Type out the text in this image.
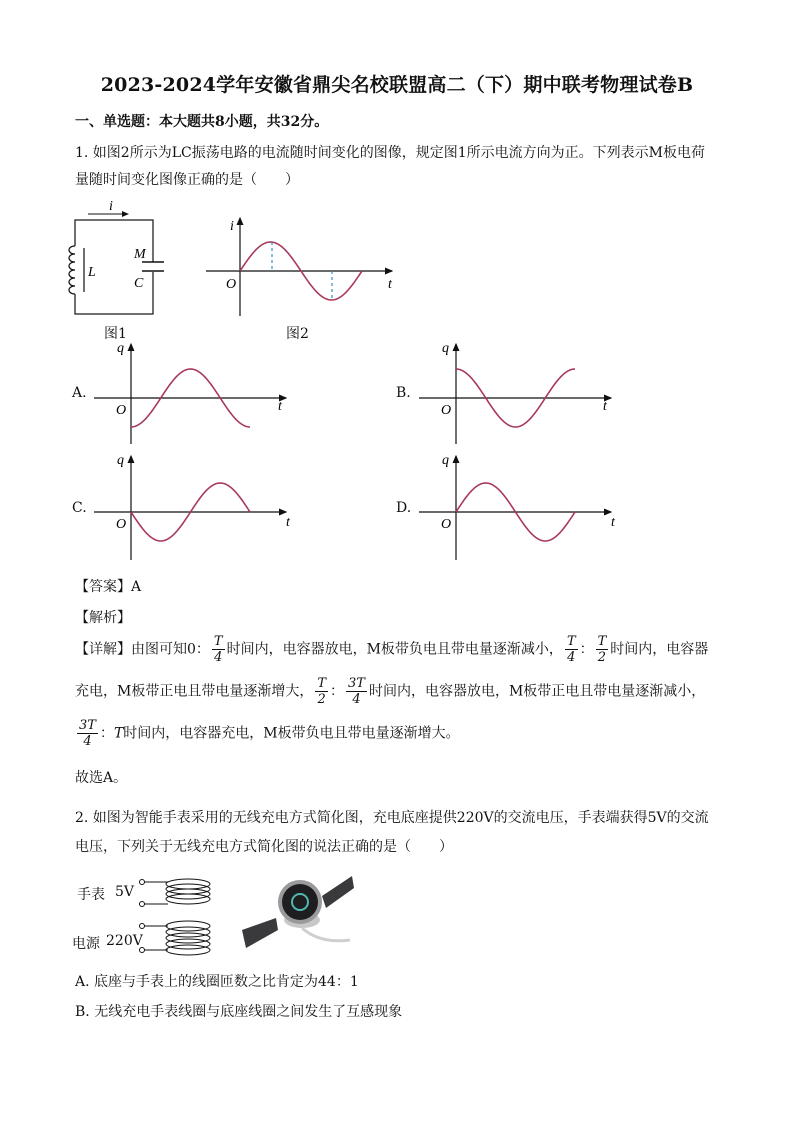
2023-2024学年安徽省鼎尖名校联盟高二（下）期中联考物理试卷B
一、单选题：本大题共8小题，共32分。
1. 如图2所示为LC振荡电路的电流随时间变化的图像，规定图1所示电流方向为正。下列表示M板电荷
量随时间变化图像正确的是（　　）
i
L
M
C
图1
i
O	t
图2
A.
q
O	t
B.
q
O	t
C.
q
O	t
D.
q
O	t
【答案】A
【解析】
【详解】由图可知0： $\frac{T}{4}$ 时间内，电容器放电，M板带负电且带电量逐渐减小， $\frac{T}{4}$ ： $\frac{T}{2}$ 时间内，电容器
充电，M板带正电且带电量逐渐增大， $\frac{T}{2}$ ： $\frac{3T}{4}$ 时间内，电容器放电，M板带正电且带电量逐渐减小，
$\frac{3T}{4}$ ：T时间内，电容器充电，M板带负电且带电量逐渐增大。
故选A。
2. 如图为智能手表采用的无线充电方式简化图，充电底座提供220V的交流电压，手表端获得5V的交流
电压，下列关于无线充电方式简化图的说法正确的是（　　）
手表 5V
电源 220V
A. 底座与手表上的线圈匝数之比肯定为44：1
B. 无线充电手表线圈与底座线圈之间发生了互感现象
